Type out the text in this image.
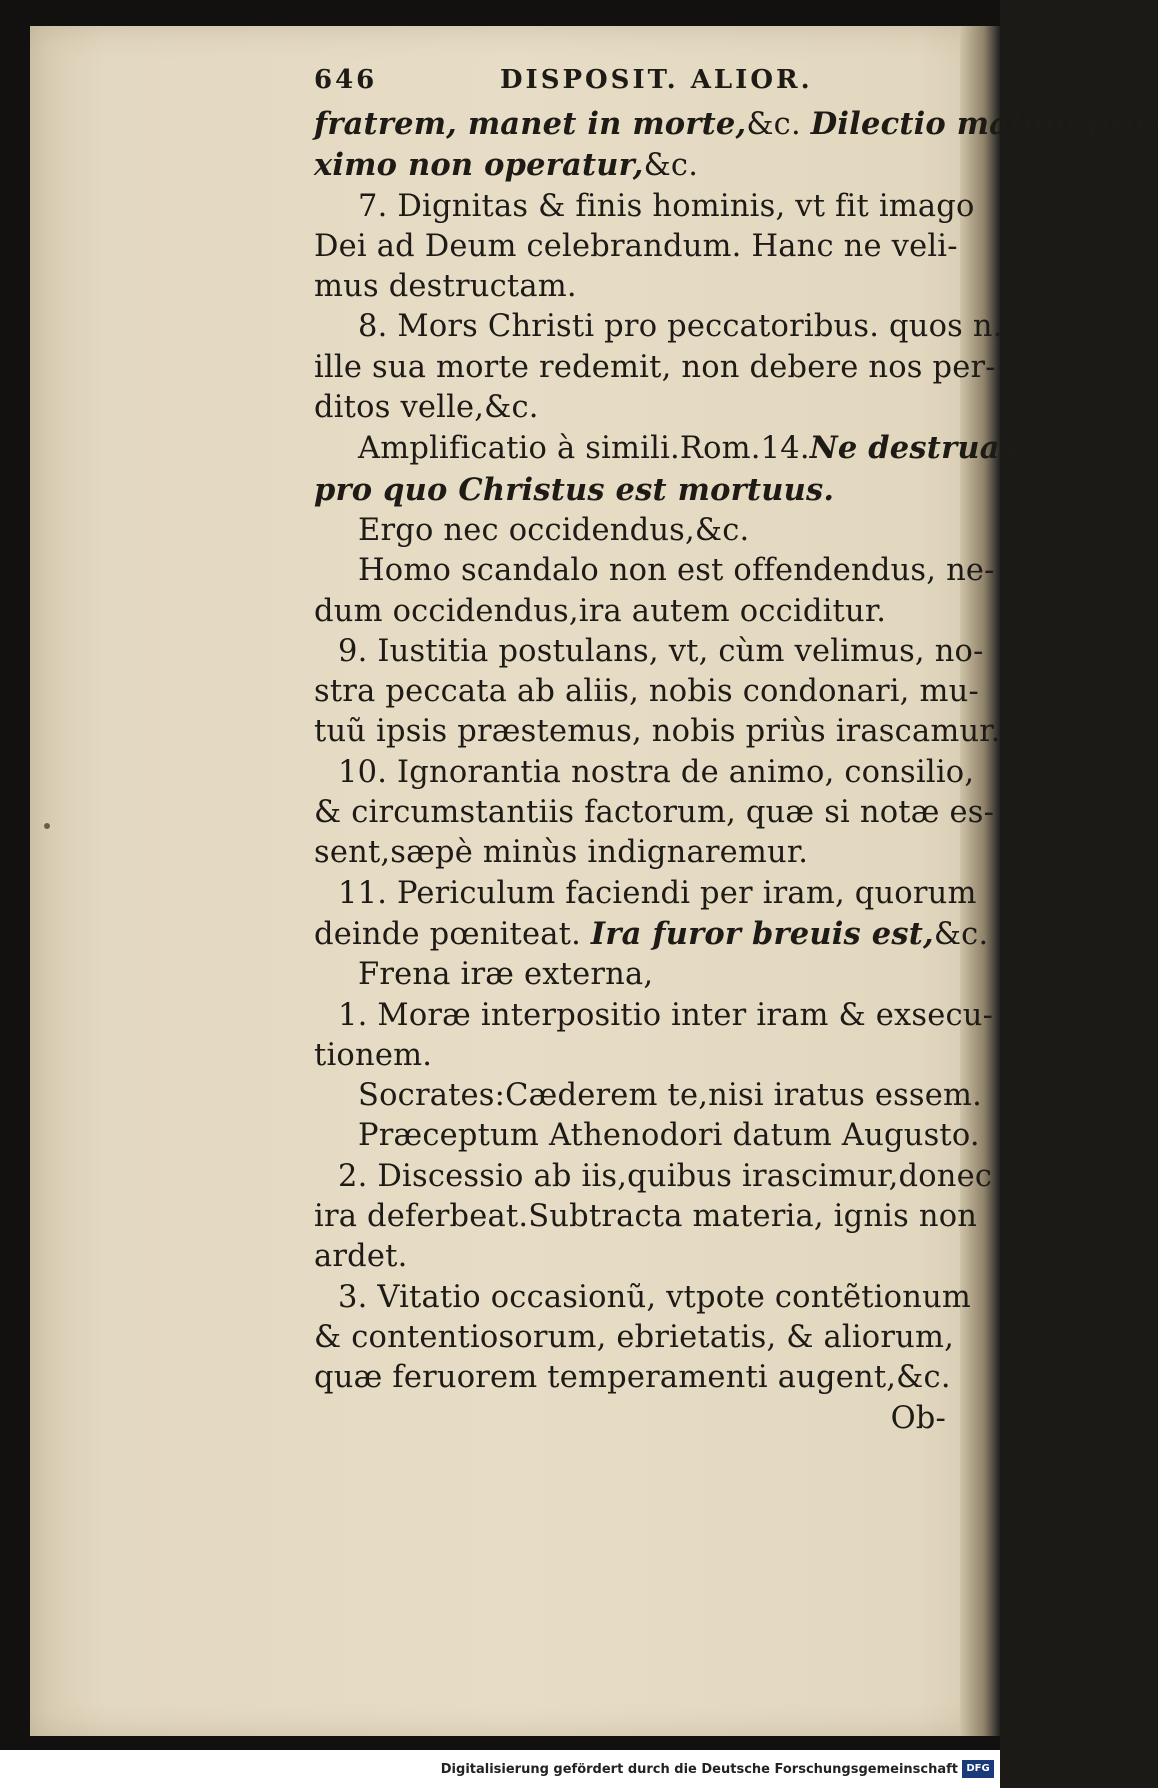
646	DISPOSIT. ALIOR.
fratrem, manet in morte,&c. Dilectio malum pro-
ximo non operatur,&c.
7. Dignitas & finis hominis, vt fit imago
Dei ad Deum celebrandum. Hanc ne veli-
mus destructam.
8. Mors Christi pro peccatoribus. quos n.
ille sua morte redemit, non debere nos per-
ditos velle,&c.
Amplificatio à simili.Rom.14.Ne destruas,
pro quo Christus est mortuus.
Ergo nec occidendus,&c.
Homo scandalo non est offendendus, ne-
dum occidendus,ira autem occiditur.
9. Iustitia postulans, vt, cùm velimus, no-
stra peccata ab aliis, nobis condonari, mu-
tuũ ipsis præstemus, nobis priùs irascamur.
10. Ignorantia nostra de animo, consilio,
& circumstantiis factorum, quæ si notæ es-
sent,sæpè minùs indignaremur.
11. Periculum faciendi per iram, quorum
deinde pœniteat. Ira furor breuis est,&c.
Frena iræ externa,
1. Moræ interpositio inter iram & exsecu-
tionem.
Socrates:Cæderem te,nisi iratus essem.
Præceptum Athenodori datum Augusto.
2. Discessio ab iis,quibus irascimur,donec
ira deferbeat.Subtracta materia, ignis non
ardet.
3. Vitatio occasionũ, vtpote contẽtionum
& contentiosorum, ebrietatis, & aliorum,
quæ feruorem temperamenti augent,&c.
Ob-
Digitalisierung gefördert durch die Deutsche Forschungsgemeinschaft DFG
